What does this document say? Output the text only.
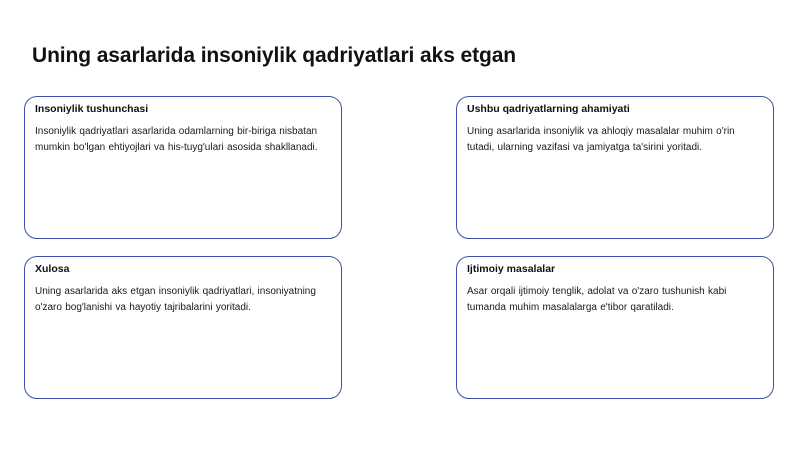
Uning asarlarida insoniylik qadriyatlari aks etgan
Insoniylik tushunchasi

Insoniylik qadriyatlari asarlarida odamlarning bir-biriga nisbatan mumkin bo'lgan ehtiyojlari va his-tuyg'ulari asosida shakllanadi.

Ushbu qadriyatlarning ahamiyati

Uning asarlarida insoniylik va ahloqiy masalalar muhim o'rin tutadi, ularning vazifasi va jamiyatga ta'sirini yoritadi.

Xulosa

Uning asarlarida aks etgan insoniylik qadriyatlari, insoniyatning o'zaro bog'lanishi va hayotiy tajribalarini yoritadi.

Ijtimoiy masalalar

Asar orqali ijtimoiy tenglik, adolat va o'zaro tushunish kabi tumanda muhim masalalarga e'tibor qaratiladi.
